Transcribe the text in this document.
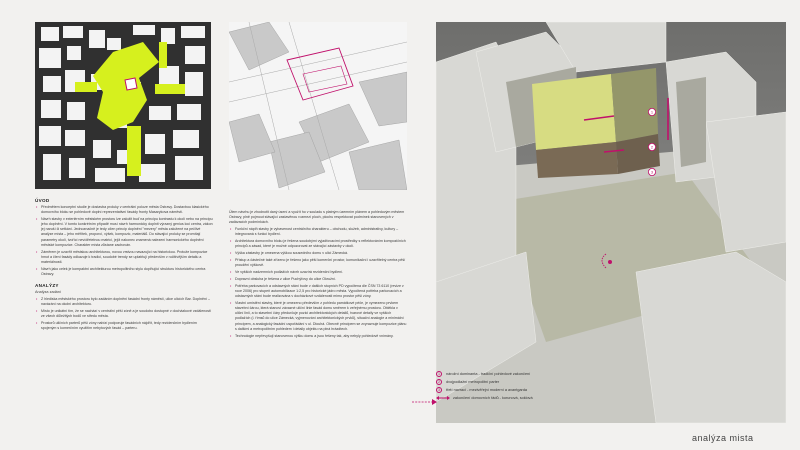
1
2
3

ÚVOD

• Předmětem konceptní studie je dostavba proluky v centrální poloze města Ostravy. Dostavbou klasického domovního bloku se pohledově doplní reprezentativní fasády fronty Masarykova náměstí.
• Návrh stavby v exteriérním městském prostoru lze založit buď na principu kontrastu k okolí nebo na principu jeho doplnění. V tomto konkrétním případě musí návrh harmonicky doplnit výrazný genius loci centra, zákon jej naruší či setkání. Jednoznačně je tedy cílen princip doplnění "mezery" města založené na pečlivé analýze místa – jeho měřítek, proporcí, výšek, kompozic, materiálů. Do stávající proluky se promítají parametry okolí, tvořící nevídřetelnou matrici, jejíž nakonec znamená nalezení harmonického doplnění městské kompozice. Charakter místa zůstane zachován.
• Záměrem je uzavřít městskou architekturou, novou vrstvou navazující na historickou. Protože kompozice hmot a člení fasády odkazuje k tradici, soudobé trendy se uplatňují především v ručitívějším detailu a materiálnosti.
• Návrh jako celek je kompaktní architekturou metropolitního stylu doplňující strukturu historického centra Ostravy.

ANALÝZY

Analýza zadání

• Z hlediska městského prostoru bylo zadáním doplnění fasádní fronty náměstí, ulice ulicích Bar. Doplnění – navázání na okolní architekturu.
• Místo je unikátní tím, že se nachází v centrální pěší zóně a je soudobo dostupné v docházkové vzdálenosti ze všech důležitých bodů ve středu města.
• Prostorů uličních parterů pěší zóny nabízí podporuje fasádních nájdřít, tedy rezidenčním bydlením spojeným s komerčním využitím nebytových fasád – parteru.

Úlem návrhu je zhodnotit daný úsení a využít ho v souladu s platným územním plánem a pohledovým městem Ostravy, plně pojmout stávající zastavěnou rozmezí ploch, plochu respektovat podmínek stanovených v zadávacích podmínkách.

• Funkční náplň stavby je vybavenost centrálního charakteru – obchodu, služeb, administrativy, kultury – integrovaná s funkcí bydlení.
• Architektura domovního bloku je řešena soudobými vyjadřovacími prostředky s reflektováním kompozičních principů a zásad, které je možné odpozorovat ze stávající zástavby v okolí.
• Výška zástavby je omezena výškou sousedního domu v ulici Zámecká.
• Přístup a částečné také zřízeno je řešeno jako pěší komerční prostor, komunikační i uzavřitelný centra pěší proudění výškově.
• Ve vyšších nadzemních podlažích návrh uzavírá rezidenční bydlení.
• Dopravní obsluha je řešena z ulice Puchýřovy do ulice Okružní.
• Potřeba parkovacích a odstavných stání bude v dalších stupních PD vypočtena dle ČSN 73 6110 (revize v roce 2006) pro stupeň automobilizace 1:2,5 pro historické jádro města. Vypočtená potřeba parkovacích a odstavných stání bude realizována v docházkové vzdálenosti mimo prostor pěší zóny.
• Vlastní umístění stavby, které je omezeno především z pohledu památkové péče, je vymezeno prvkem stavební čárou, která stanoví závazné uliční linie fasád domu směrem k veřejnému prostoru. Oblékla v uliční linii, a to stavební čáry předurčuje pozici architektonických detailů, tvarové detaily ve vyšších podlažích (i. římsů do ulice Zámecká, vyjmenování architektonických prvků), situační analogie a minimální principem, a analogický fasádní uspořádání v ul. Dlouhá. Obecně principem se zvyraznuje kompozice plánu s dalšími a metropolitním pohledem i detaily objektu na plná hrázdtech.
• Technologie nepřevyšují stanovenou výšku domu a jsou řešeny tak, aby nebyly pohledově vnímány.
1	nárožní dominanta - tradiční pohledové zakončení
2	dvojpodlažní metropolitní parter
3	třetí navrací - mezivěřejní moderní a avantgarda
zakončení domovních řádů - korunová, soklová
analýza mista
